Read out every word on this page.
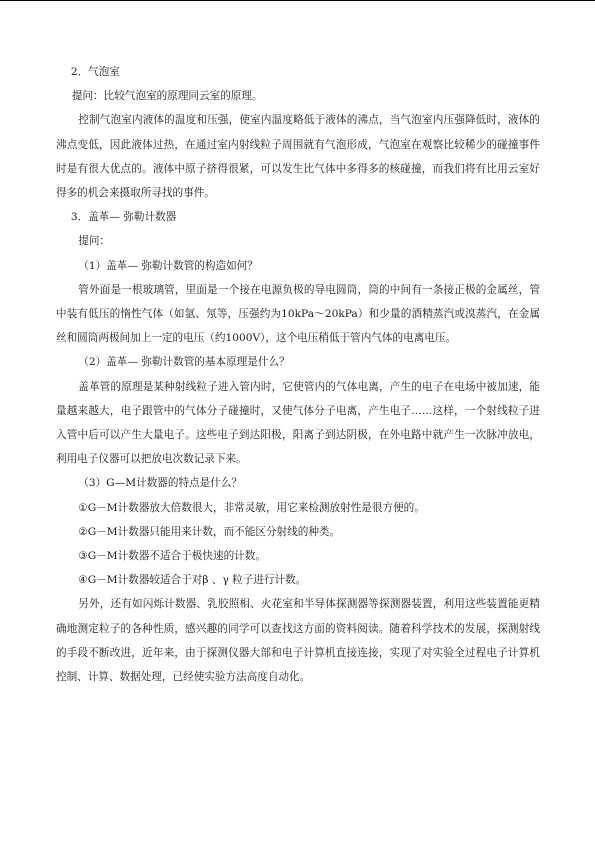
2．气泡室

提问：比较气泡室的原理同云室的原理。

控制气泡室内液体的温度和压强，使室内温度略低于液体的沸点，当气泡室内压强降低时，液体的沸点变低，因此液体过热，在通过室内射线粒子周围就有气泡形成，气泡室在观察比较稀少的碰撞事件时是有很大优点的。液体中原子挤得很紧，可以发生比气体中多得多的核碰撞，而我们将有比用云室好得多的机会来摄取所寻找的事件。

3．盖革— 弥勒计数器

提问：

（1）盖革— 弥勒计数管的构造如何？

管外面是一根玻璃管，里面是一个接在电源负极的导电圆筒，筒的中间有一条接正极的金属丝，管中装有低压的惰性气体（如氩、氖等，压强约为10kPa～20kPa）和少量的酒精蒸汽或溴蒸汽，在金属丝和圆筒两极间加上一定的电压（约1000V），这个电压稍低于管内气体的电离电压。

（2）盖革— 弥勒计数管的基本原理是什么？

盖革管的原理是某种射线粒子进入管内时，它使管内的气体电离，产生的电子在电场中被加速，能量越来越大，电子跟管中的气体分子碰撞时，又使气体分子电离，产生电子……这样，一个射线粒子进入管中后可以产生大量电子。这些电子到达阳极，阳离子到达阴极，在外电路中就产生一次脉冲放电，利用电子仪器可以把放电次数记录下来。

（3）G—M计数器的特点是什么？

①G－M计数器放大倍数很大，非常灵敏，用它来检测放射性是很方便的。

②G－M计数器只能用来计数，而不能区分射线的种类。

③G－M计数器不适合于极快速的计数。

④G－M计数器较适合于对β 、γ 粒子进行计数。

另外，还有如闪烁计数器、乳胶照相、火花室和半导体探测器等探测器装置，利用这些装置能更精确地测定粒子的各种性质，感兴趣的同学可以查找这方面的资料阅读。随着科学技术的发展，探测射线的手段不断改进，近年来，由于探测仪器大部和电子计算机直接连接，实现了对实验全过程电子计算机控制、计算、数据处理，已经使实验方法高度自动化。
